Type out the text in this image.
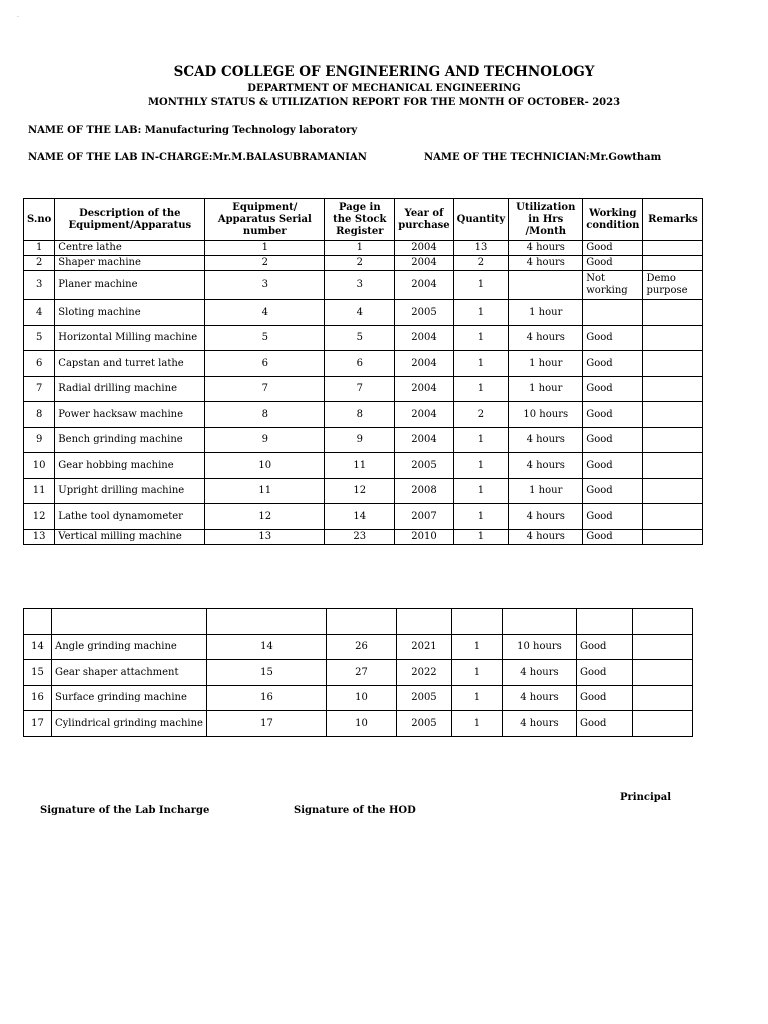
·
SCAD COLLEGE OF ENGINEERING AND TECHNOLOGY
DEPARTMENT OF MECHANICAL ENGINEERING
MONTHLY STATUS & UTILIZATION REPORT FOR THE MONTH OF OCTOBER- 2023
NAME OF THE LAB: Manufacturing Technology laboratory
NAME OF THE LAB IN-CHARGE:Mr.M.BALASUBRAMANIAN	NAME OF THE TECHNICIAN:Mr.Gowtham
S.no	Description of the Equipment/Apparatus	Equipment/ Apparatus Serial number	Page in the Stock Register	Year of purchase	Quantity	Utilization in Hrs /Month	Working condition	Remarks
1	Centre lathe	1	1	2004	13	4 hours	Good	
2	Shaper machine	2	2	2004	2	4 hours	Good	
3	Planer machine	3	3	2004	1		Not working	Demo purpose
4	Sloting machine	4	4	2005	1	1 hour		
5	Horizontal Milling machine	5	5	2004	1	4 hours	Good	
6	Capstan and turret lathe	6	6	2004	1	1 hour	Good	
7	Radial drilling machine	7	7	2004	1	1 hour	Good	
8	Power hacksaw machine	8	8	2004	2	10 hours	Good	
9	Bench grinding machine	9	9	2004	1	4 hours	Good	
10	Gear hobbing machine	10	11	2005	1	4 hours	Good	
11	Upright drilling machine	11	12	2008	1	1 hour	Good	
12	Lathe tool dynamometer	12	14	2007	1	4 hours	Good	
13	Vertical milling machine	13	23	2010	1	4 hours	Good	

14	Angle grinding machine	14	26	2021	1	10 hours	Good	
15	Gear shaper attachment	15	27	2022	1	4 hours	Good	
16	Surface grinding machine	16	10	2005	1	4 hours	Good	
17	Cylindrical grinding machine	17	10	2005	1	4 hours	Good	
Signature of the Lab Incharge	Signature of the HOD
Principal
